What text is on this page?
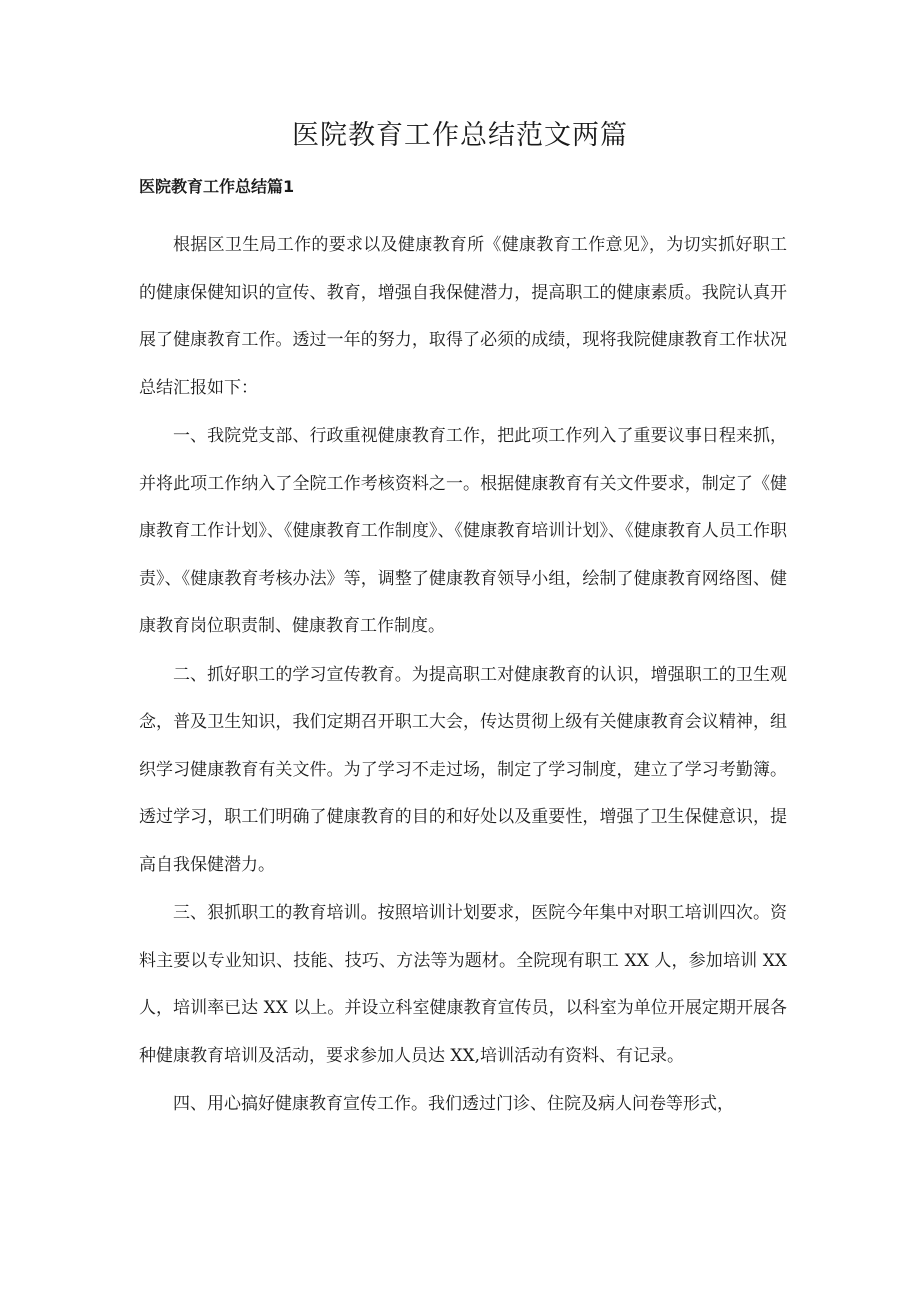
医院教育工作总结范文两篇
医院教育工作总结篇1

根据区卫生局工作的要求以及健康教育所《健康教育工作意见》，为切实抓好职工的健康保健知识的宣传、教育，增强自我保健潜力，提高职工的健康素质。我院认真开展了健康教育工作。透过一年的努力，取得了必须的成绩，现将我院健康教育工作状况总结汇报如下：

一、我院党支部、行政重视健康教育工作，把此项工作列入了重要议事日程来抓，并将此项工作纳入了全院工作考核资料之一。根据健康教育有关文件要求，制定了《健康教育工作计划》、《健康教育工作制度》、《健康教育培训计划》、《健康教育人员工作职责》、《健康教育考核办法》等，调整了健康教育领导小组，绘制了健康教育网络图、健康教育岗位职责制、健康教育工作制度。

二、抓好职工的学习宣传教育。为提高职工对健康教育的认识，增强职工的卫生观念，普及卫生知识，我们定期召开职工大会，传达贯彻上级有关健康教育会议精神，组织学习健康教育有关文件。为了学习不走过场，制定了学习制度，建立了学习考勤簿。透过学习，职工们明确了健康教育的目的和好处以及重要性，增强了卫生保健意识，提高自我保健潜力。

三、狠抓职工的教育培训。按照培训计划要求，医院今年集中对职工培训四次。资料主要以专业知识、技能、技巧、方法等为题材。全院现有职工 XX 人，参加培训 XX 人，培训率已达 XX 以上。并设立科室健康教育宣传员，以科室为单位开展定期开展各种健康教育培训及活动，要求参加人员达 XX,培训活动有资料、有记录。

四、用心搞好健康教育宣传工作。我们透过门诊、住院及病人问卷等形式，
